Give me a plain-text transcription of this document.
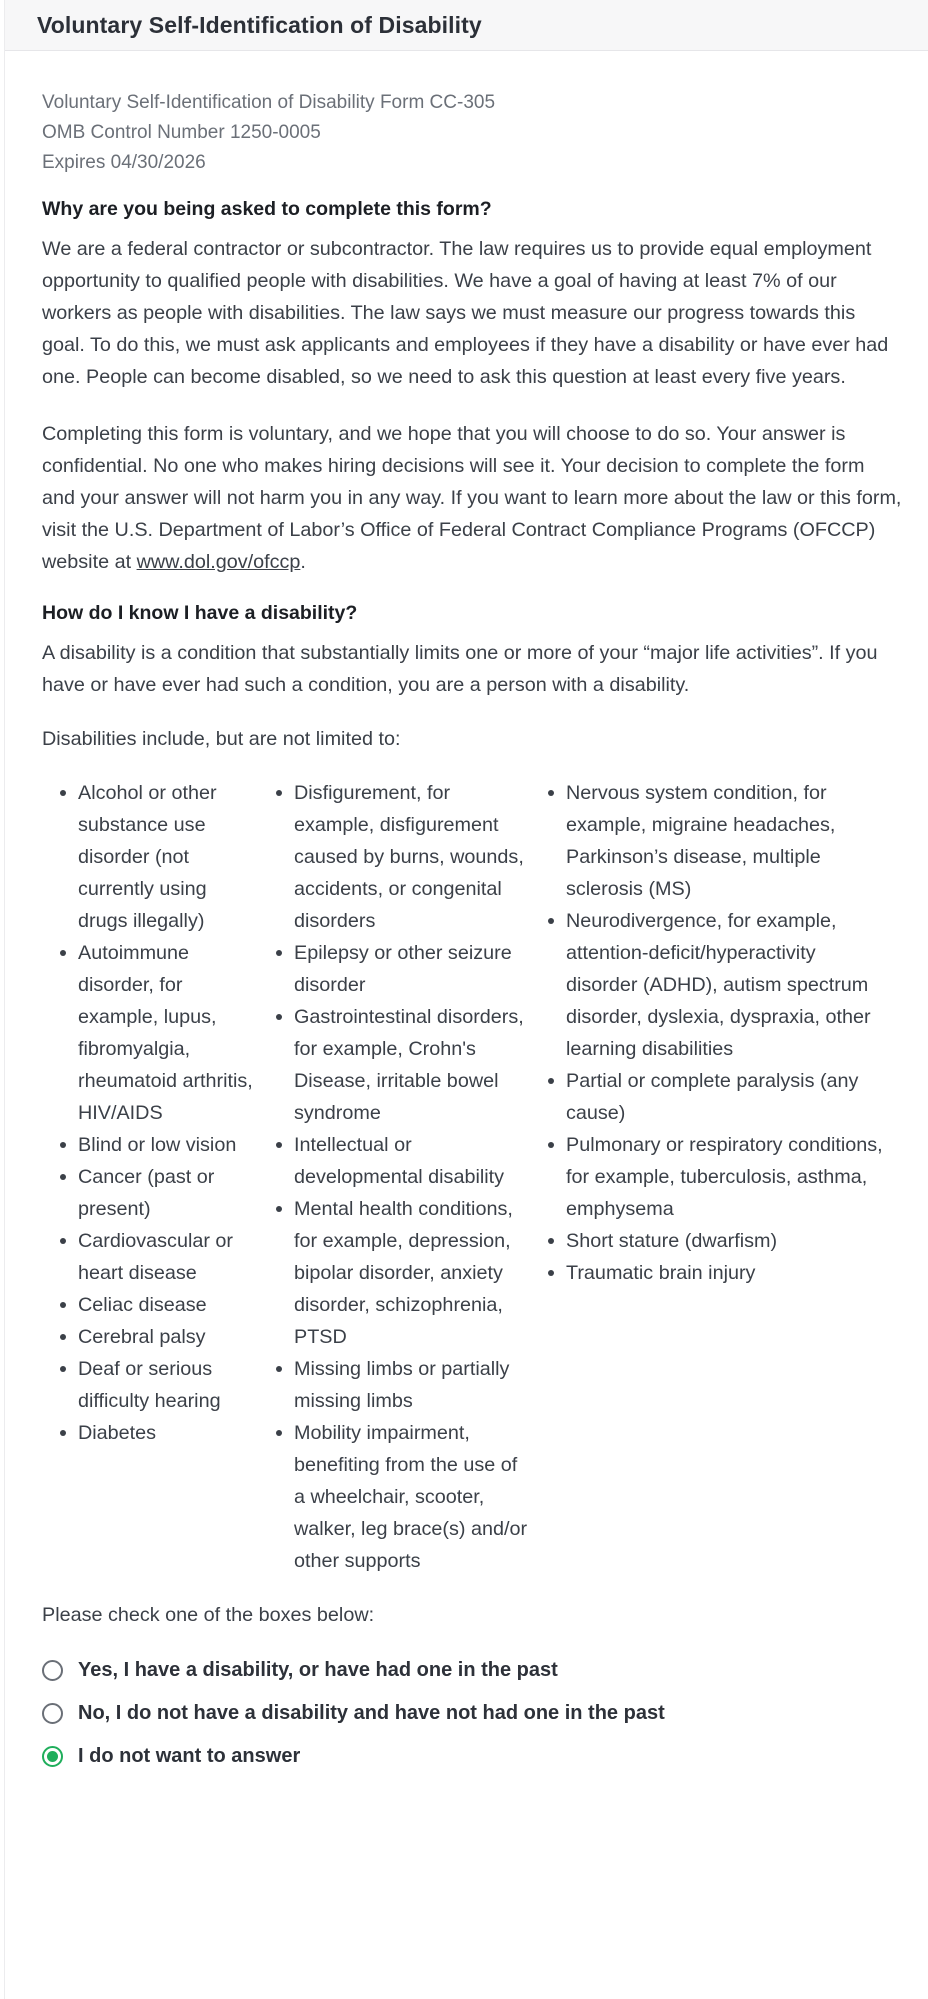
Voluntary Self-Identification of Disability

Voluntary Self-Identification of Disability Form CC-305

OMB Control Number 1250-0005

Expires 04/30/2026

Why are you being asked to complete this form?

We are a federal contractor or subcontractor. The law requires us to provide equal employment opportunity to qualified people with disabilities. We have a goal of having at least 7% of our workers as people with disabilities. The law says we must measure our progress towards this goal. To do this, we must ask applicants and employees if they have a disability or have ever had one. People can become disabled, so we need to ask this question at least every five years.

Completing this form is voluntary, and we hope that you will choose to do so. Your answer is confidential. No one who makes hiring decisions will see it. Your decision to complete the form and your answer will not harm you in any way. If you want to learn more about the law or this form, visit the U.S. Department of Labor’s Office of Federal Contract Compliance Programs (OFCCP) website at www.dol.gov/ofccp.

How do I know I have a disability?

A disability is a condition that substantially limits one or more of your “major life activities”. If you have or have ever had such a condition, you are a person with a disability.

Disabilities include, but are not limited to:

Alcohol or other substance use disorder (not currently using drugs illegally)
Autoimmune disorder, for example, lupus, fibromyalgia, rheumatoid arthritis, HIV/AIDS
Blind or low vision
Cancer (past or present)
Cardiovascular or heart disease
Celiac disease
Cerebral palsy
Deaf or serious difficulty hearing
Diabetes
Disfigurement, for example, disfigurement caused by burns, wounds, accidents, or congenital disorders
Epilepsy or other seizure disorder
Gastrointestinal disorders, for example, Crohn's Disease, irritable bowel syndrome
Intellectual or developmental disability
Mental health conditions, for example, depression, bipolar disorder, anxiety disorder, schizophrenia, PTSD
Missing limbs or partially missing limbs
Mobility impairment, benefiting from the use of a wheelchair, scooter, walker, leg brace(s) and/or other supports
Nervous system condition, for example, migraine headaches, Parkinson’s disease, multiple sclerosis (MS)
Neurodivergence, for example, attention-deficit/hyperactivity disorder (ADHD), autism spectrum disorder, dyslexia, dyspraxia, other learning disabilities
Partial or complete paralysis (any cause)
Pulmonary or respiratory conditions, for example, tuberculosis, asthma, emphysema
Short stature (dwarfism)
Traumatic brain injury

Please check one of the boxes below:

Yes, I have a disability, or have had one in the past
No, I do not have a disability and have not had one in the past
I do not want to answer
